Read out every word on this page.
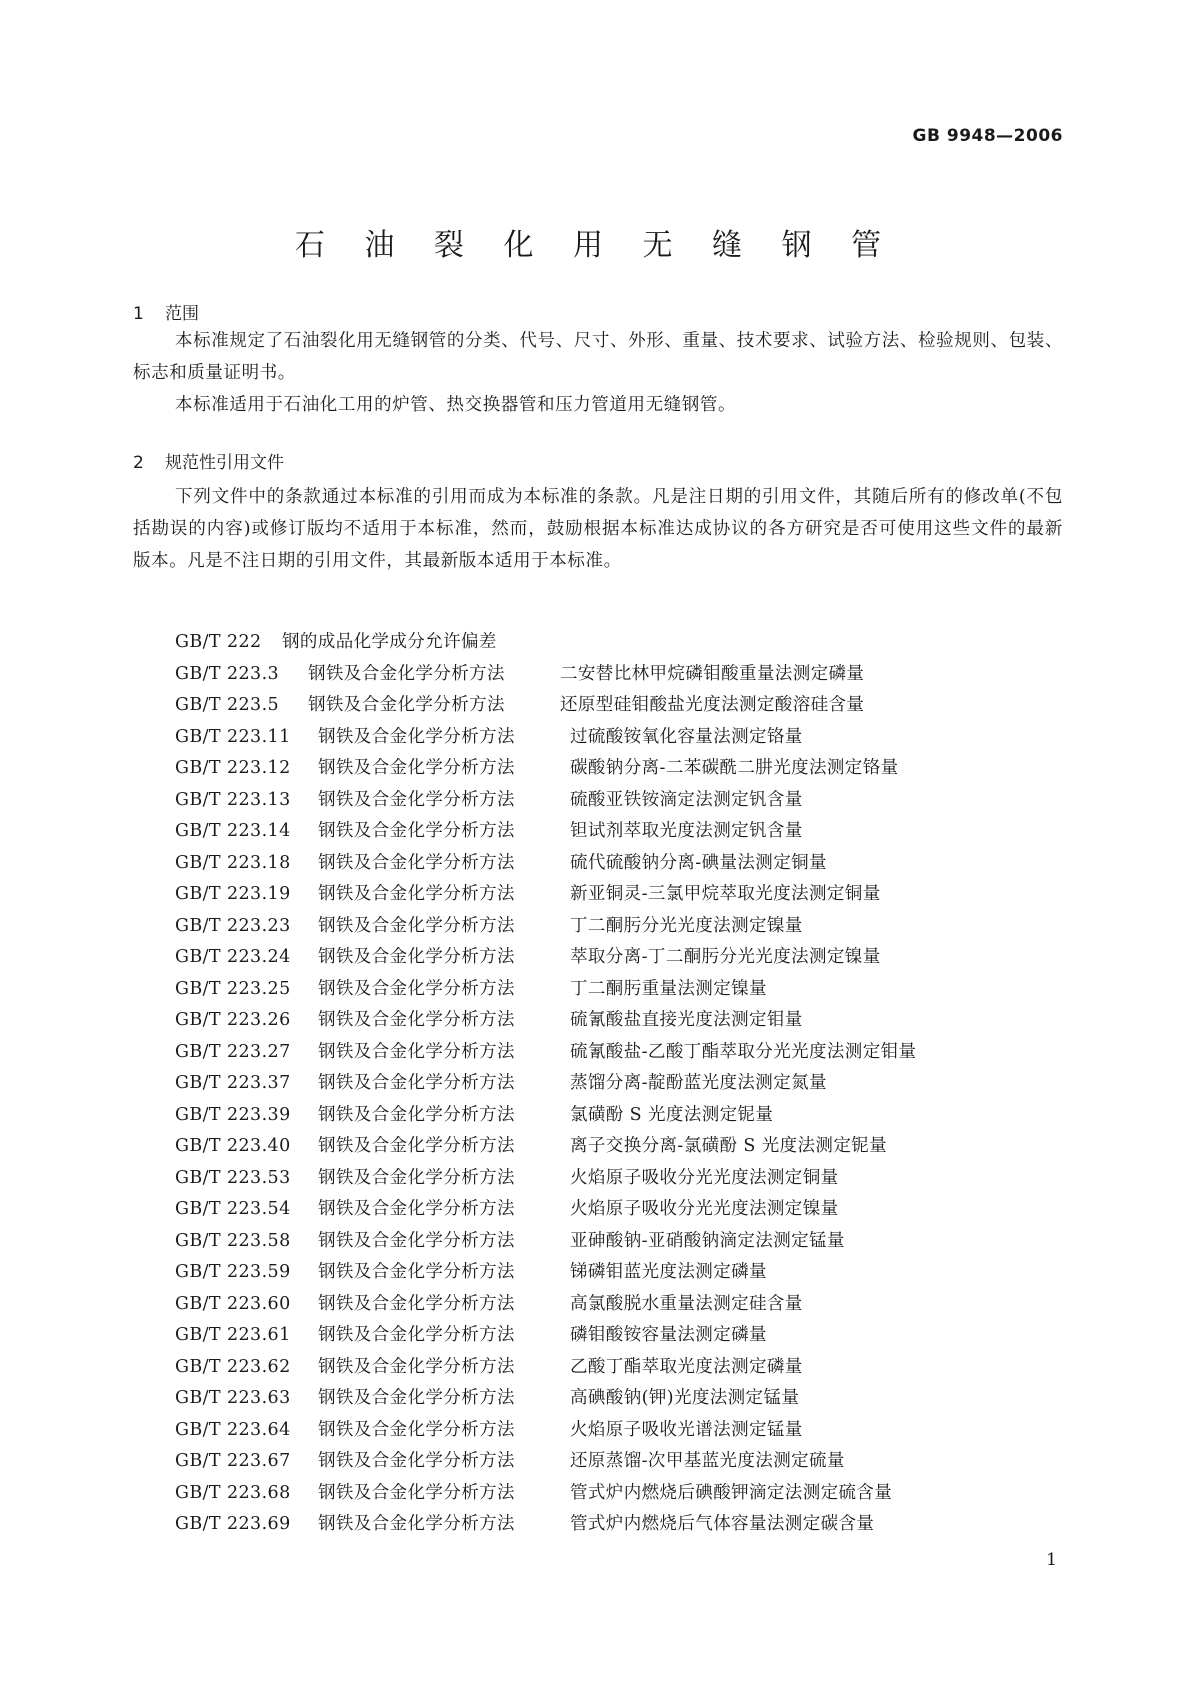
GB 9948—2006
石 油 裂 化 用 无 缝 钢 管
1 范围

本标准规定了石油裂化用无缝钢管的分类、代号、尺寸、外形、重量、技术要求、试验方法、检验规则、包装、标志和质量证明书。

本标准适用于石油化工用的炉管、热交换器管和压力管道用无缝钢管。

2 规范性引用文件

下列文件中的条款通过本标准的引用而成为本标准的条款。凡是注日期的引用文件，其随后所有的修改单(不包括勘误的内容)或修订版均不适用于本标准，然而，鼓励根据本标准达成协议的各方研究是否可使用这些文件的最新版本。凡是不注日期的引用文件，其最新版本适用于本标准。

GB/T 222 钢的成品化学成分允许偏差
GB/T 223.3 钢铁及合金化学分析方法	二安替比林甲烷磷钼酸重量法测定磷量
GB/T 223.5 钢铁及合金化学分析方法	还原型硅钼酸盐光度法测定酸溶硅含量
GB/T 223.11 钢铁及合金化学分析方法	过硫酸铵氧化容量法测定铬量
GB/T 223.12 钢铁及合金化学分析方法	碳酸钠分离-二苯碳酰二肼光度法测定铬量
GB/T 223.13 钢铁及合金化学分析方法	硫酸亚铁铵滴定法测定钒含量
GB/T 223.14 钢铁及合金化学分析方法	钽试剂萃取光度法测定钒含量
GB/T 223.18 钢铁及合金化学分析方法	硫代硫酸钠分离-碘量法测定铜量
GB/T 223.19 钢铁及合金化学分析方法	新亚铜灵-三氯甲烷萃取光度法测定铜量
GB/T 223.23 钢铁及合金化学分析方法	丁二酮肟分光光度法测定镍量
GB/T 223.24 钢铁及合金化学分析方法	萃取分离-丁二酮肟分光光度法测定镍量
GB/T 223.25 钢铁及合金化学分析方法	丁二酮肟重量法测定镍量
GB/T 223.26 钢铁及合金化学分析方法	硫氰酸盐直接光度法测定钼量
GB/T 223.27 钢铁及合金化学分析方法	硫氰酸盐-乙酸丁酯萃取分光光度法测定钼量
GB/T 223.37 钢铁及合金化学分析方法	蒸馏分离-靛酚蓝光度法测定氮量
GB/T 223.39 钢铁及合金化学分析方法	氯磺酚 S 光度法测定铌量
GB/T 223.40 钢铁及合金化学分析方法	离子交换分离-氯磺酚 S 光度法测定铌量
GB/T 223.53 钢铁及合金化学分析方法	火焰原子吸收分光光度法测定铜量
GB/T 223.54 钢铁及合金化学分析方法	火焰原子吸收分光光度法测定镍量
GB/T 223.58 钢铁及合金化学分析方法	亚砷酸钠-亚硝酸钠滴定法测定锰量
GB/T 223.59 钢铁及合金化学分析方法	锑磷钼蓝光度法测定磷量
GB/T 223.60 钢铁及合金化学分析方法	高氯酸脱水重量法测定硅含量
GB/T 223.61 钢铁及合金化学分析方法	磷钼酸铵容量法测定磷量
GB/T 223.62 钢铁及合金化学分析方法	乙酸丁酯萃取光度法测定磷量
GB/T 223.63 钢铁及合金化学分析方法	高碘酸钠(钾)光度法测定锰量
GB/T 223.64 钢铁及合金化学分析方法	火焰原子吸收光谱法测定锰量
GB/T 223.67 钢铁及合金化学分析方法	还原蒸馏-次甲基蓝光度法测定硫量
GB/T 223.68 钢铁及合金化学分析方法	管式炉内燃烧后碘酸钾滴定法测定硫含量
GB/T 223.69 钢铁及合金化学分析方法	管式炉内燃烧后气体容量法测定碳含量
1
